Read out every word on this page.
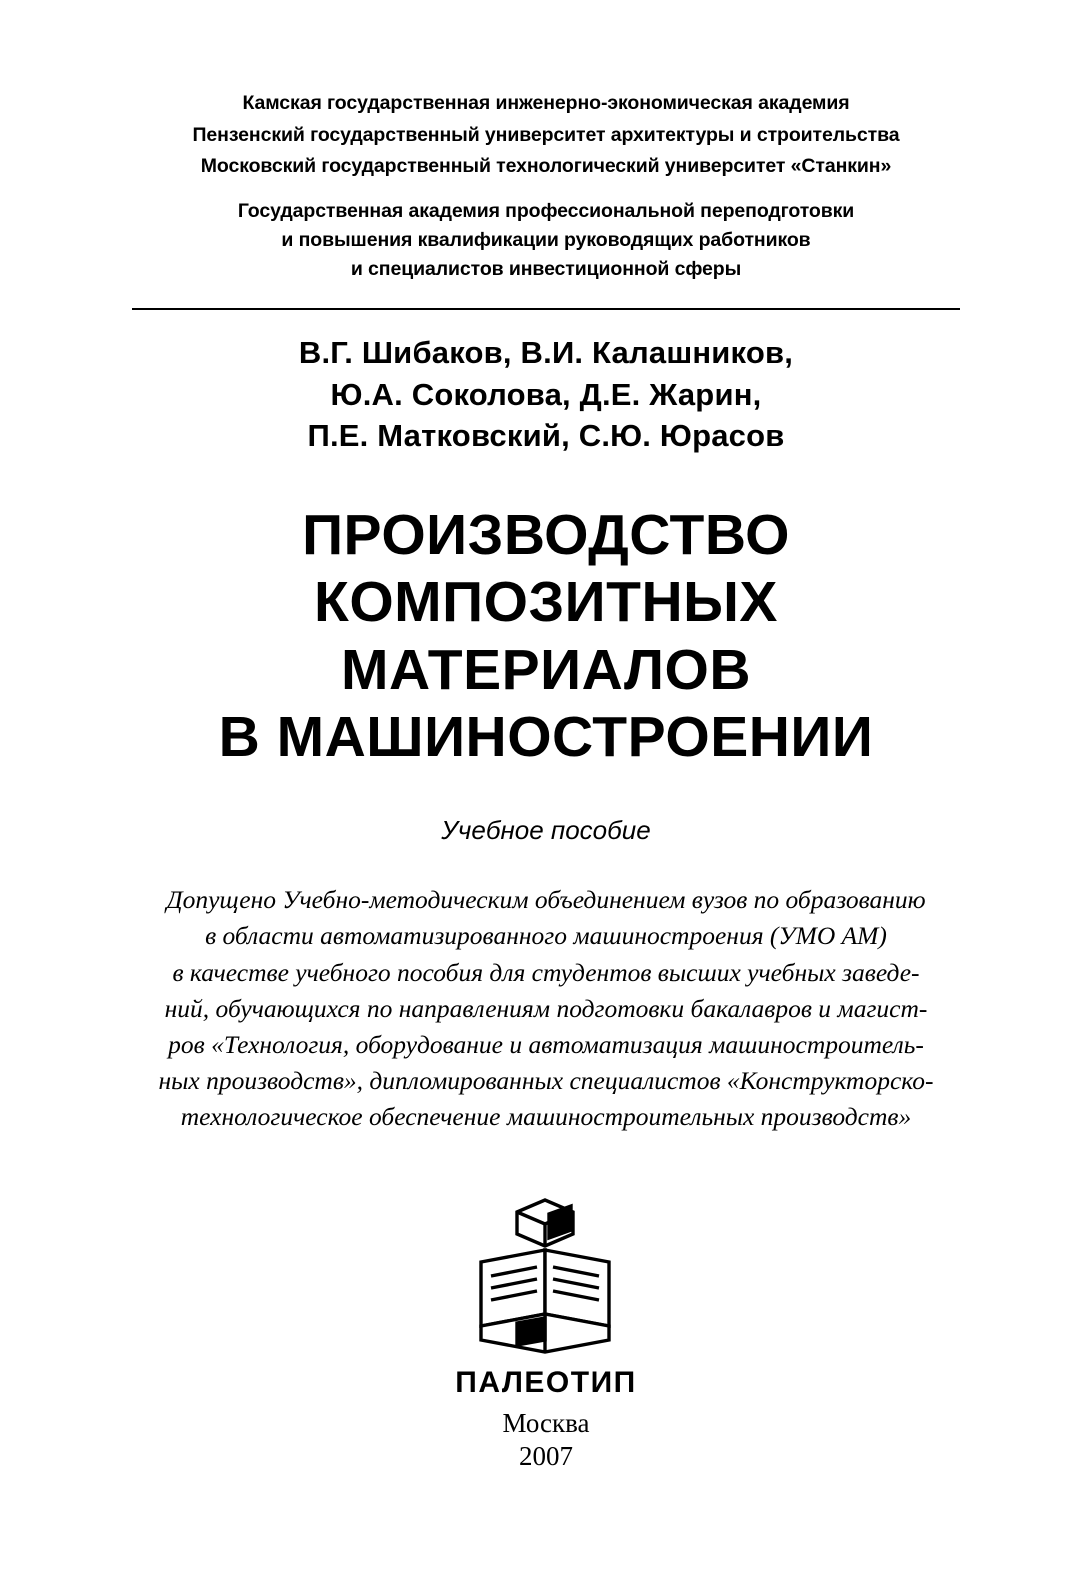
Камская государственная инженерно-экономическая академия
Пензенский государственный университет архитектуры и строительства
Московский государственный технологический университет «Станкин»
Государственная академия профессиональной переподготовки
и повышения квалификации руководящих работников
и специалистов инвестиционной сферы
В.Г. Шибаков, В.И. Калашников,
Ю.А. Соколова, Д.Е. Жарин,
П.Е. Матковский, С.Ю. Юрасов
ПРОИЗВОДСТВО
КОМПОЗИТНЫХ
МАТЕРИАЛОВ
В МАШИНОСТРОЕНИИ
Учебное пособие
Допущено Учебно-методическим объединением вузов по образованию
в области автоматизированного машиностроения (УМО АМ)
в качестве учебного пособия для студентов высших учебных заведе-
ний, обучающихся по направлениям подготовки бакалавров и магист-
ров «Технология, оборудование и автоматизация машиностроитель-
ных производств», дипломированных специалистов «Конструкторско-
технологическое обеспечение машиностроительных производств»
ПАЛЕОТИП
Москва
2007
